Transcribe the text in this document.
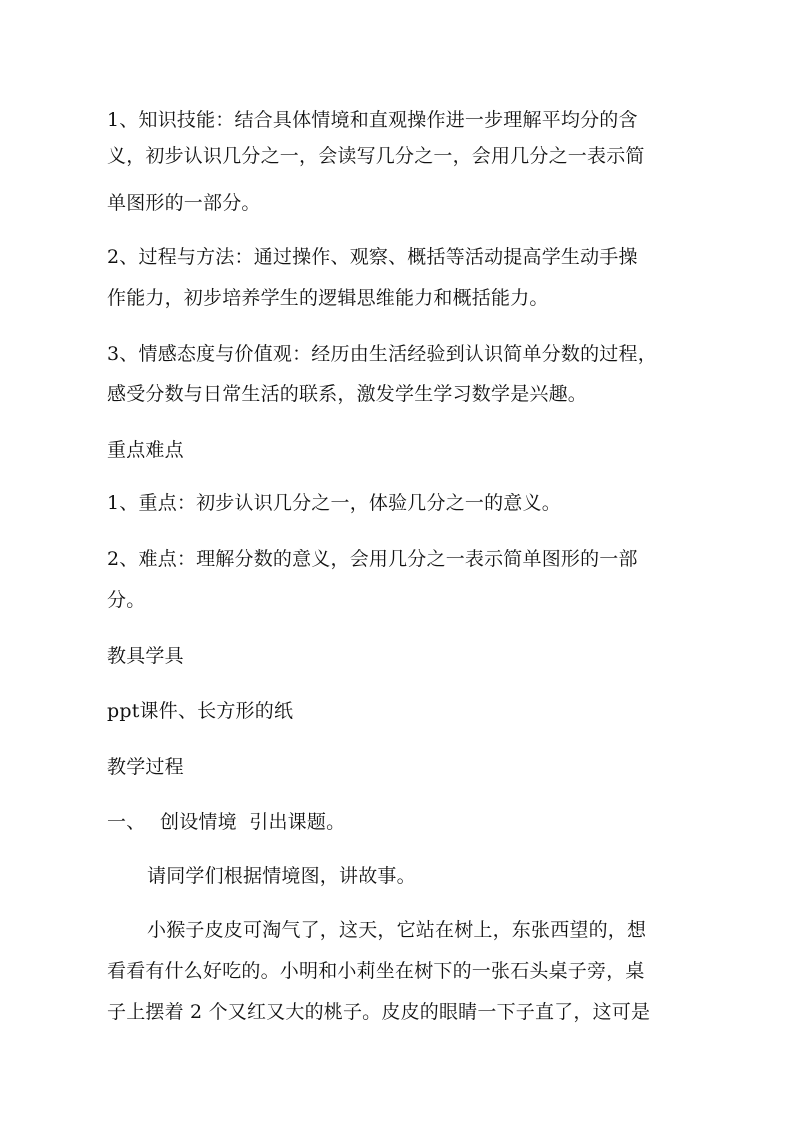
1、知识技能：结合具体情境和直观操作进一步理解平均分的含
义，初步认识几分之一，会读写几分之一，会用几分之一表示简
单图形的一部分。
2、过程与方法：通过操作、观察、概括等活动提高学生动手操
作能力，初步培养学生的逻辑思维能力和概括能力。
3、情感态度与价值观：经历由生活经验到认识简单分数的过程，
感受分数与日常生活的联系，激发学生学习数学是兴趣。
重点难点
1、重点：初步认识几分之一，体验几分之一的意义。
2、难点：理解分数的意义，会用几分之一表示简单图形的一部
分。
教具学具
ppt课件、长方形的纸
教学过程
一、 创设情境  引出课题。
请同学们根据情境图，讲故事。
小猴子皮皮可淘气了，这天，它站在树上，东张西望的，想
看看有什么好吃的。小明和小莉坐在树下的一张石头桌子旁，桌
子上摆着 2 个又红又大的桃子。皮皮的眼睛一下子直了，这可是
